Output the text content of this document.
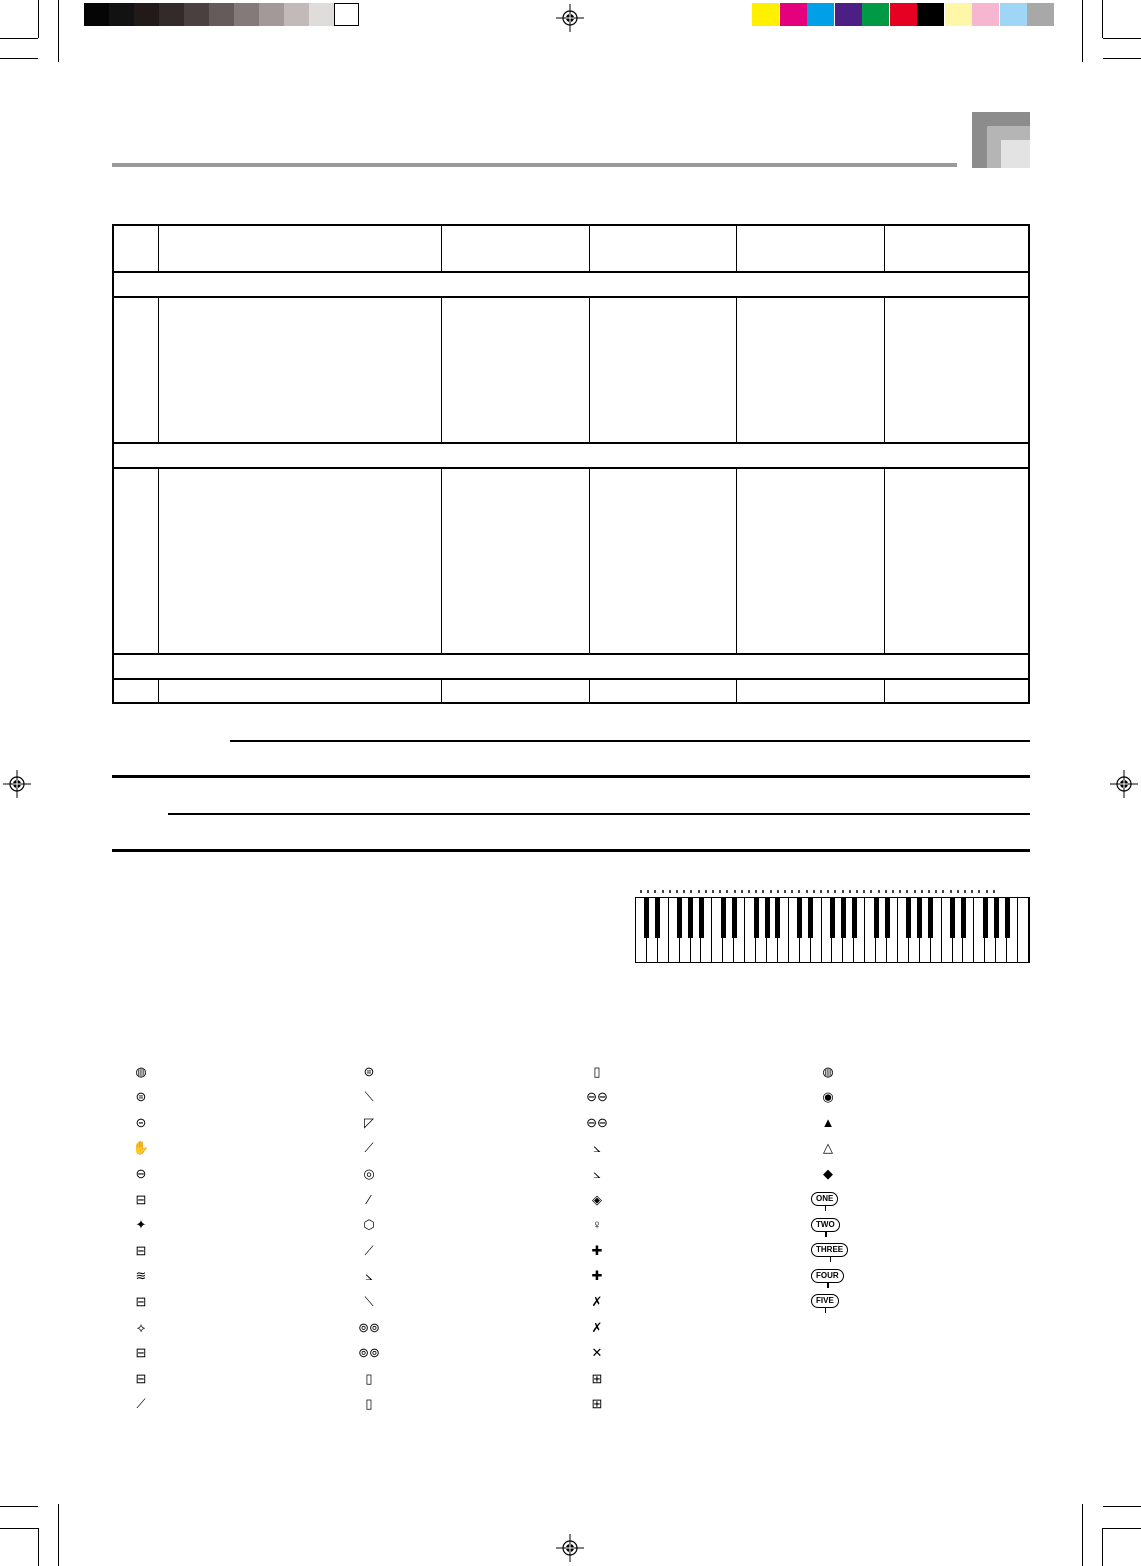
◍
⊜
⊝
✋
⊖
⊟
✦
⊟
≋
⊟
⟡
⊟
⊟
⟋
⊜
⟍
◸
⟋
◎
⁄
⬡
⟋
⦣
⟍
⊚⊚
⊚⊚
▯
▯
▯
⊖⊖
⊖⊖
⦣
⦣
◈
♀
✚
✚
✗
✗
✕
⊞
⊞
◍
◉
▲
△
◆
ONE
TWO
THREE
FOUR
FIVE
